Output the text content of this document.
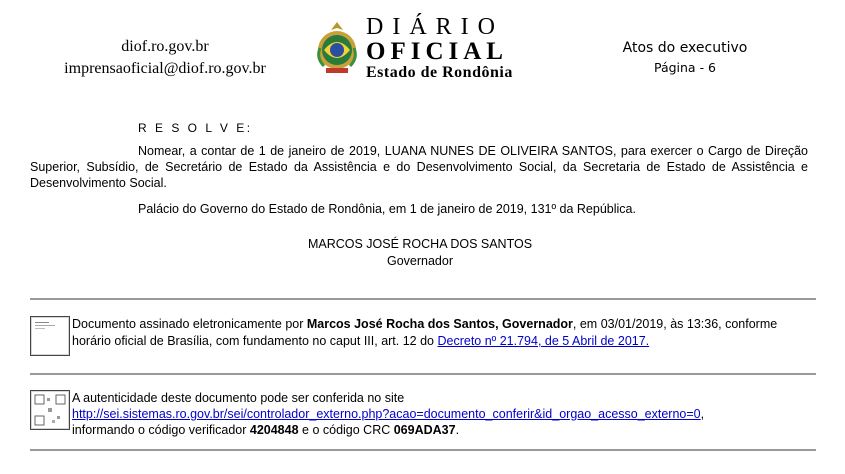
diof.ro.gov.br
imprensaoficial@diof.ro.gov.br
DIÁRIO
OFICIAL
Estado de Rondônia
Atos do executivo
Página - 6
R E S O L V E:
Nomear, a contar de 1 de janeiro de 2019, LUANA NUNES DE OLIVEIRA SANTOS, para exercer o Cargo de Direção Superior, Subsídio, de Secretário de Estado da Assistência e do Desenvolvimento Social, da Secretaria de Estado de Assistência e Desenvolvimento Social.
Palácio do Governo do Estado de Rondônia, em 1 de janeiro de 2019, 131º da República.
MARCOS JOSÉ ROCHA DOS SANTOS
Governador
Documento assinado eletronicamente por Marcos José Rocha dos Santos, Governador, em 03/01/2019, às 13:36, conforme horário oficial de Brasília, com fundamento no caput III, art. 12 do Decreto nº 21.794, de 5 Abril de 2017.
A autenticidade deste documento pode ser conferida no site
http://sei.sistemas.ro.gov.br/sei/controlador_externo.php?acao=documento_conferir&id_orgao_acesso_externo=0,
informando o código verificador 4204848 e o código CRC 069ADA37.
